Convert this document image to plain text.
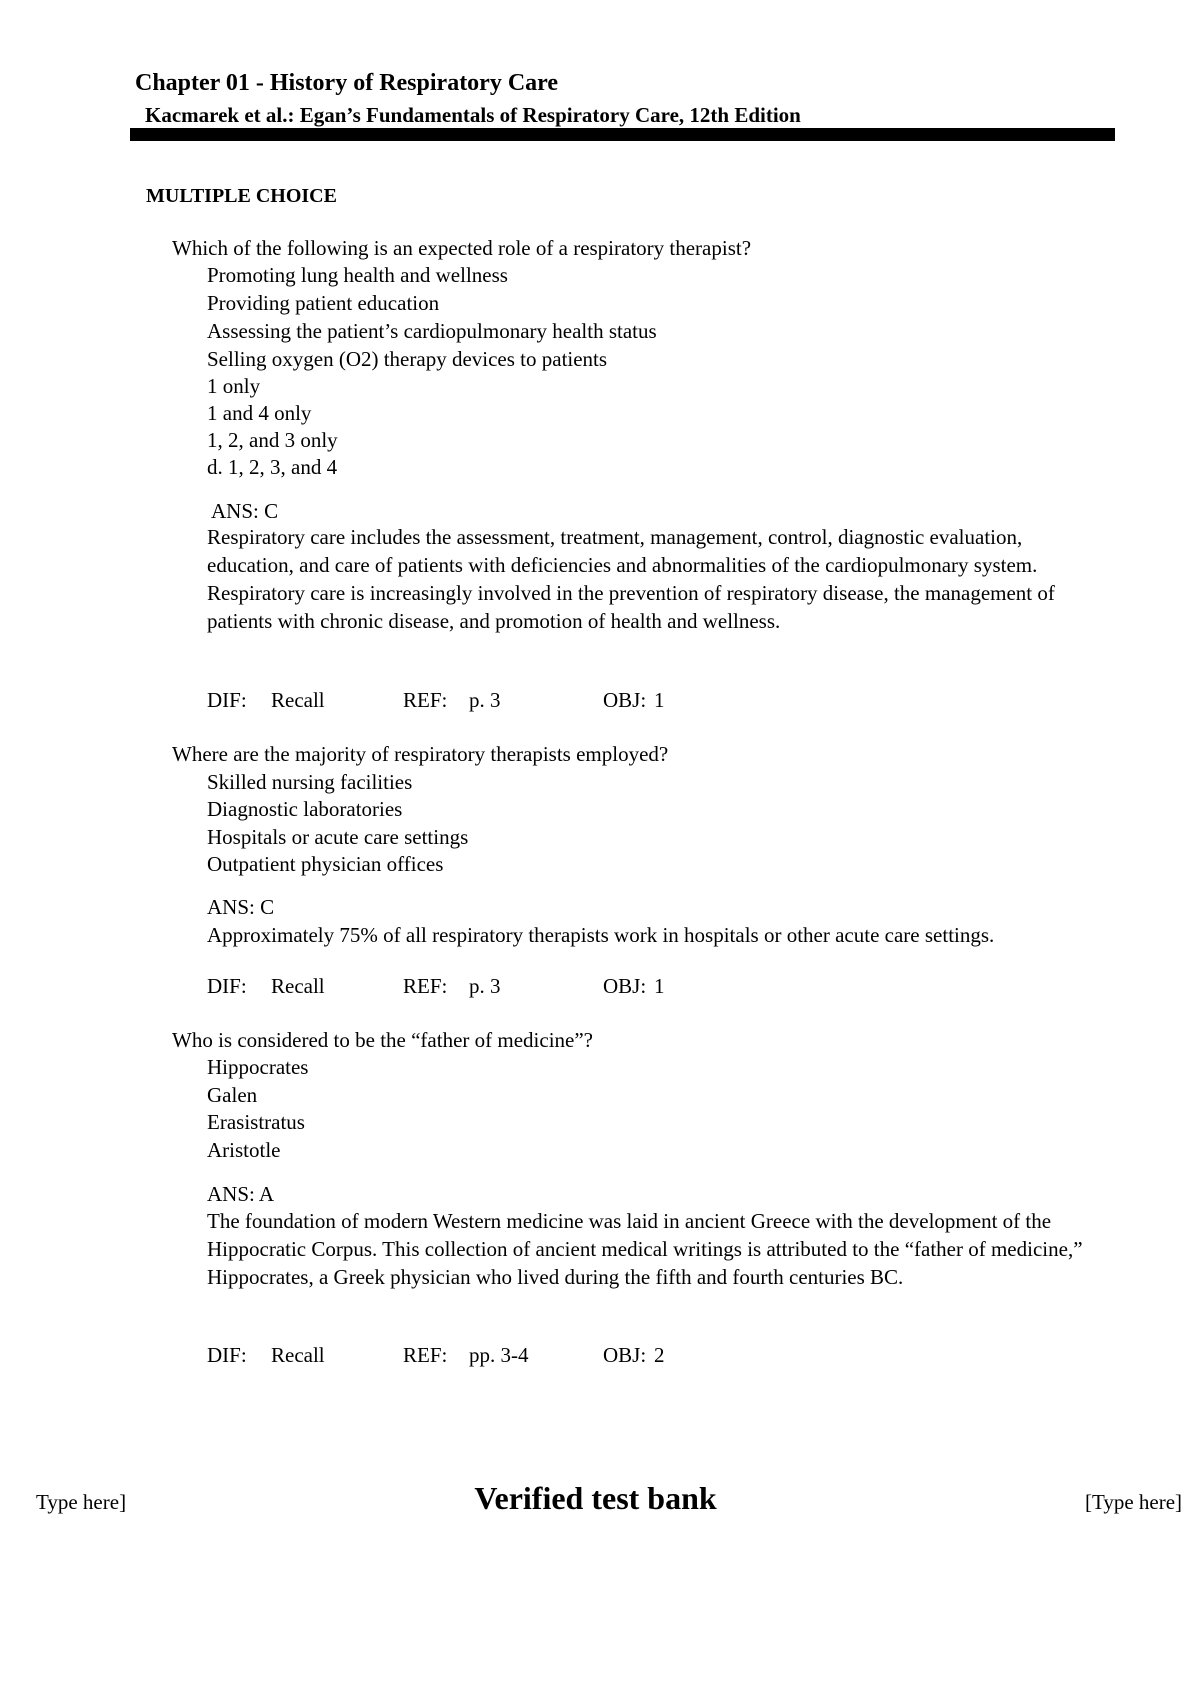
Chapter 01 - History of Respiratory Care
Kacmarek et al.: Egan’s Fundamentals of Respiratory Care, 12th Edition
MULTIPLE CHOICE
Which of the following is an expected role of a respiratory therapist?
Promoting lung health and wellness
Providing patient education
Assessing the patient’s cardiopulmonary health status
Selling oxygen (O2) therapy devices to patients
1 only
1 and 4 only
1, 2, and 3 only
d. 1, 2, 3, and 4
ANS: C
Respiratory care includes the assessment, treatment, management, control, diagnostic evaluation, education, and care of patients with deficiencies and abnormalities of the cardiopulmonary system. Respiratory care is increasingly involved in the prevention of respiratory disease, the management of patients with chronic disease, and promotion of health and wellness.
DIF: Recall	REF: p. 3	OBJ: 1
Where are the majority of respiratory therapists employed?
Skilled nursing facilities
Diagnostic laboratories
Hospitals or acute care settings
Outpatient physician offices
ANS: C
Approximately 75% of all respiratory therapists work in hospitals or other acute care settings.
DIF: Recall	REF: p. 3	OBJ: 1
Who is considered to be the “father of medicine”?
Hippocrates
Galen
Erasistratus
Aristotle
ANS: A
The foundation of modern Western medicine was laid in ancient Greece with the development of the Hippocratic Corpus. This collection of ancient medical writings is attributed to the “father of medicine,” Hippocrates, a Greek physician who lived during the fifth and fourth centuries BC.
DIF: Recall	REF: pp. 3-4	OBJ: 2
Type here]	Verified test bank	[Type here]
